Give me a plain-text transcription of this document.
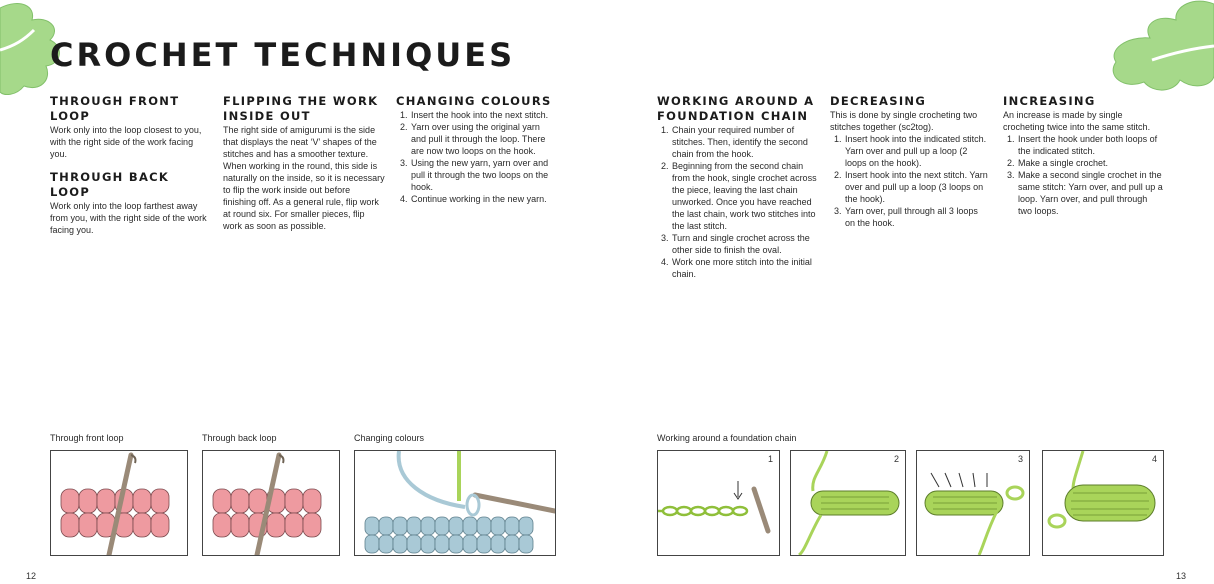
CROCHET TECHNIQUES
THROUGH FRONT LOOP

Work only into the loop closest to you, with the right side of the work facing you.

THROUGH BACK LOOP

Work only into the loop farthest away from you, with the right side of the work facing you.

FLIPPING THE WORK INSIDE OUT

The right side of amigurumi is the side that displays the neat ‘V’ shapes of the stitches and has a smoother texture. When working in the round, this side is naturally on the inside, so it is necessary to flip the work inside out before finishing off. As a general rule, flip work at round six. For smaller pieces, flip work as soon as possible.

CHANGING COLOURS
1. Insert the hook into the next stitch.
2. Yarn over using the original yarn and pull it through the loop. There are now two loops on the hook.
3. Using the new yarn, yarn over and pull it through the two loops on the hook.
4. Continue working in the new yarn.
WORKING AROUND A FOUNDATION CHAIN
1. Chain your required number of stitches. Then, identify the second chain from the hook.
2. Beginning from the second chain from the hook, single crochet across the piece, leaving the last chain unworked. Once you have reached the last chain, work two stitches into the last stitch.
3. Turn and single crochet across the other side to finish the oval.
4. Work one more stitch into the initial chain.
DECREASING

This is done by single crocheting two stitches together (sc2tog).

1. Insert hook into the indicated stitch. Yarn over and pull up a loop (2 loops on the hook).
2. Insert hook into the next stitch. Yarn over and pull up a loop (3 loops on the hook).
3. Yarn over, pull through all 3 loops on the hook.
INCREASING

An increase is made by single crocheting twice into the same stitch.

1. Insert the hook under both loops of the indicated stitch.
2. Make a single crochet.
3. Make a second single crochet in the same stitch: Yarn over, and pull up a loop. Yarn over, and pull through two loops.
Through front loop	Through back loop	Changing colours
12
Working around a foundation chain
1	2	3	4
13
